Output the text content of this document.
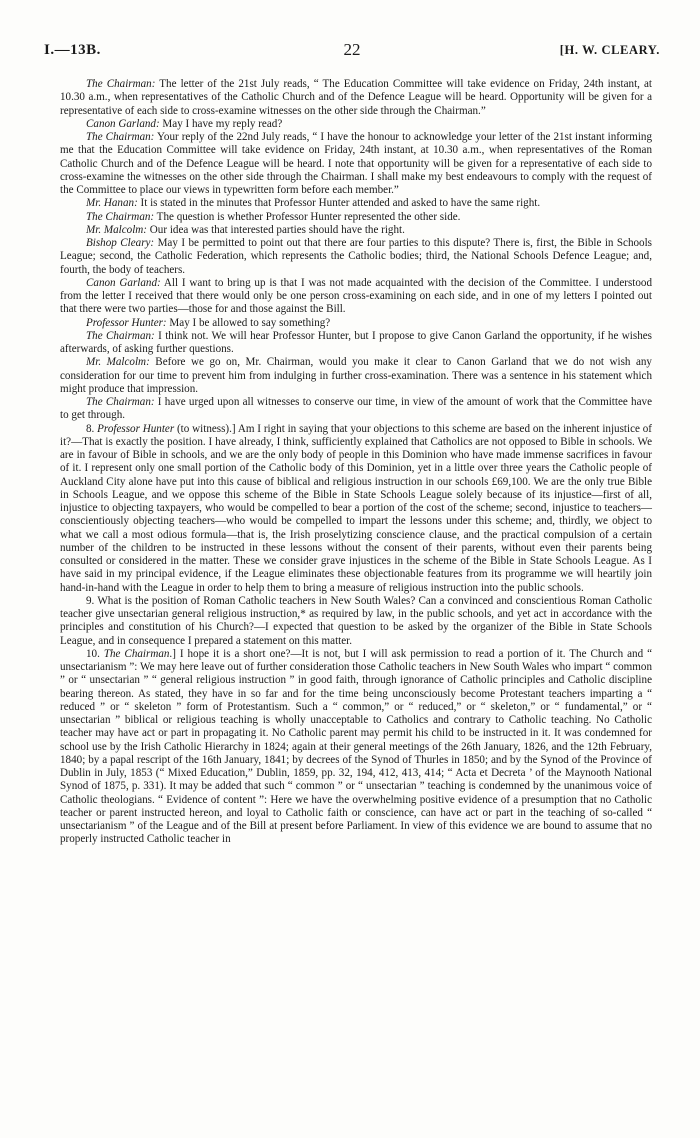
I.—13B.	22	[H. W. CLEARY.

The Chairman: The letter of the 21st July reads, “ The Education Committee will take evidence on Friday, 24th instant, at 10.30 a.m., when representatives of the Catholic Church and of the Defence League will be heard. Opportunity will be given for a representative of each side to cross-examine witnesses on the other side through the Chairman.”

Canon Garland: May I have my reply read?

The Chairman: Your reply of the 22nd July reads, “ I have the honour to acknowledge your letter of the 21st instant informing me that the Education Committee will take evidence on Friday, 24th instant, at 10.30 a.m., when representatives of the Roman Catholic Church and of the Defence League will be heard. I note that opportunity will be given for a representative of each side to cross-examine the witnesses on the other side through the Chairman. I shall make my best endeavours to comply with the request of the Committee to place our views in typewritten form before each member.”

Mr. Hanan: It is stated in the minutes that Professor Hunter attended and asked to have the same right.

The Chairman: The question is whether Professor Hunter represented the other side.

Mr. Malcolm: Our idea was that interested parties should have the right.

Bishop Cleary: May I be permitted to point out that there are four parties to this dispute? There is, first, the Bible in Schools League; second, the Catholic Federation, which represents the Catholic bodies; third, the National Schools Defence League; and, fourth, the body of teachers.

Canon Garland: All I want to bring up is that I was not made acquainted with the decision of the Committee. I understood from the letter I received that there would only be one person cross-examining on each side, and in one of my letters I pointed out that there were two parties—those for and those against the Bill.

Professor Hunter: May I be allowed to say something?

The Chairman: I think not. We will hear Professor Hunter, but I propose to give Canon Garland the opportunity, if he wishes afterwards, of asking further questions.

Mr. Malcolm: Before we go on, Mr. Chairman, would you make it clear to Canon Garland that we do not wish any consideration for our time to prevent him from indulging in further cross-examination. There was a sentence in his statement which might produce that impression.

The Chairman: I have urged upon all witnesses to conserve our time, in view of the amount of work that the Committee have to get through.

8. Professor Hunter (to witness).] Am I right in saying that your objections to this scheme are based on the inherent injustice of it?—That is exactly the position. I have already, I think, sufficiently explained that Catholics are not opposed to Bible in schools. We are in favour of Bible in schools, and we are the only body of people in this Dominion who have made immense sacrifices in favour of it. I represent only one small portion of the Catholic body of this Dominion, yet in a little over three years the Catholic people of Auckland City alone have put into this cause of biblical and religious instruction in our schools £69,100. We are the only true Bible in Schools League, and we oppose this scheme of the Bible in State Schools League solely because of its injustice—first of all, injustice to objecting taxpayers, who would be compelled to bear a portion of the cost of the scheme; second, injustice to teachers—conscientiously objecting teachers—who would be compelled to impart the lessons under this scheme; and, thirdly, we object to what we call a most odious formula—that is, the Irish proselytizing conscience clause, and the practical compulsion of a certain number of the children to be instructed in these lessons without the consent of their parents, without even their parents being consulted or considered in the matter. These we consider grave injustices in the scheme of the Bible in State Schools League. As I have said in my principal evidence, if the League eliminates these objectionable features from its programme we will heartily join hand-in-hand with the League in order to help them to bring a measure of religious instruction into the public schools.

9. What is the position of Roman Catholic teachers in New South Wales? Can a convinced and conscientious Roman Catholic teacher give unsectarian general religious instruction,* as required by law, in the public schools, and yet act in accordance with the principles and constitution of his Church?—I expected that question to be asked by the organizer of the Bible in State Schools League, and in consequence I prepared a statement on this matter.

10. The Chairman.] I hope it is a short one?—It is not, but I will ask permission to read a portion of it. The Church and “ unsectarianism ”: We may here leave out of further consideration those Catholic teachers in New South Wales who impart “ common ” or “ unsectarian ” “ general religious instruction ” in good faith, through ignorance of Catholic principles and Catholic discipline bearing thereon. As stated, they have in so far and for the time being unconsciously become Protestant teachers imparting a “ reduced ” or “ skeleton ” form of Protestantism. Such a “ common,” or “ reduced,” or “ skeleton,” or “ fundamental,” or “ unsectarian ” biblical or religious teaching is wholly unacceptable to Catholics and contrary to Catholic teaching. No Catholic teacher may have act or part in propagating it. No Catholic parent may permit his child to be instructed in it. It was condemned for school use by the Irish Catholic Hierarchy in 1824; again at their general meetings of the 26th January, 1826, and the 12th February, 1840; by a papal rescript of the 16th January, 1841; by decrees of the Synod of Thurles in 1850; and by the Synod of the Province of Dublin in July, 1853 (“ Mixed Education,” Dublin, 1859, pp. 32, 194, 412, 413, 414; “ Acta et Decreta ’ of the Maynooth National Synod of 1875, p. 331). It may be added that such “ common ” or “ unsectarian ” teaching is condemned by the unanimous voice of Catholic theologians. “ Evidence of content ”: Here we have the overwhelming positive evidence of a presumption that no Catholic teacher or parent instructed hereon, and loyal to Catholic faith or conscience, can have act or part in the teaching of so-called “ unsectarianism ” of the League and of the Bill at present before Parliament. In view of this evidence we are bound to assume that no properly instructed Catholic teacher in
